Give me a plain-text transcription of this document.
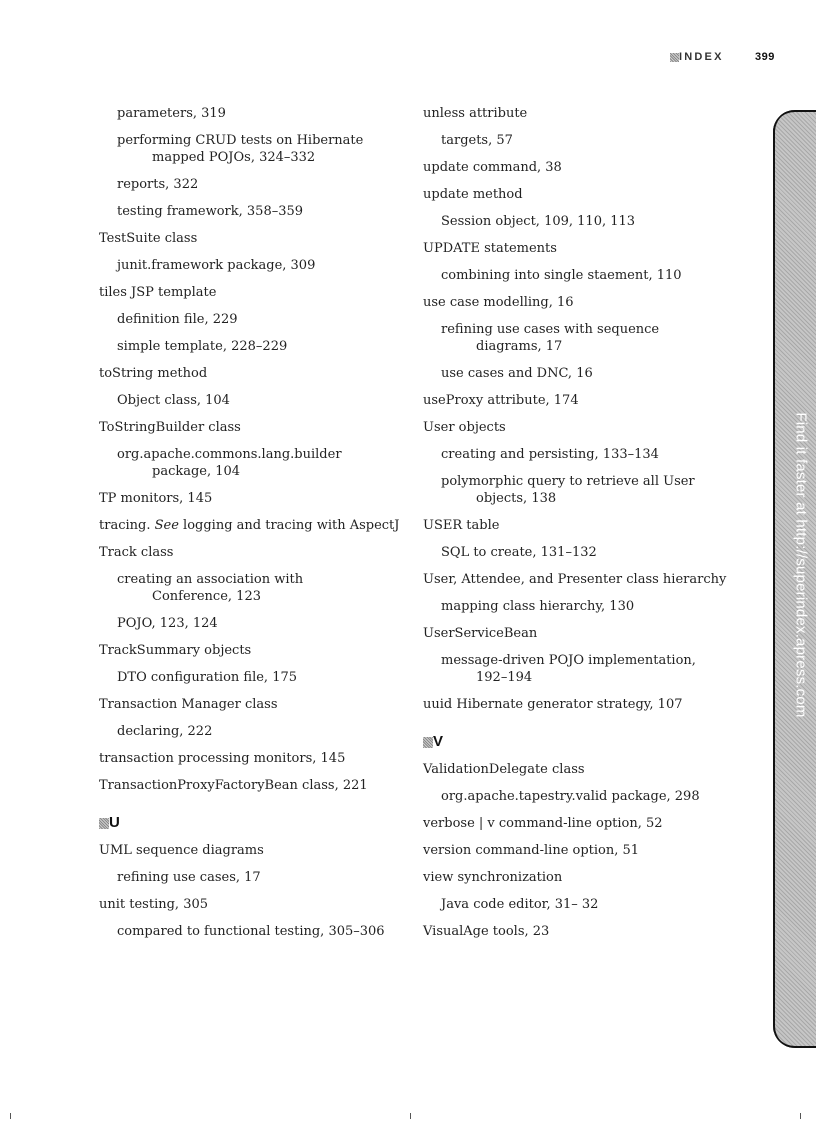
INDEX	399

parameters, 319

performing CRUD tests on Hibernate
mapped POJOs, 324–332

reports, 322

testing framework, 358–359

TestSuite class

junit.framework package, 309

tiles JSP template

definition file, 229

simple template, 228–229

toString method

Object class, 104

ToStringBuilder class

org.apache.commons.lang.builder
package, 104

TP monitors, 145

tracing. See logging and tracing with AspectJ

Track class

creating an association with
Conference, 123

POJO, 123, 124

TrackSummary objects

DTO configuration file, 175

Transaction Manager class

declaring, 222

transaction processing monitors, 145

TransactionProxyFactoryBean class, 221

U

UML sequence diagrams

refining use cases, 17

unit testing, 305

compared to functional testing, 305–306

unless attribute

targets, 57

update command, 38

update method

Session object, 109, 110, 113

UPDATE statements

combining into single staement, 110

use case modelling, 16

refining use cases with sequence
diagrams, 17

use cases and DNC, 16

useProxy attribute, 174

User objects

creating and persisting, 133–134

polymorphic query to retrieve all User
objects, 138

USER table

SQL to create, 131–132

User, Attendee, and Presenter class hierarchy

mapping class hierarchy, 130

UserServiceBean

message-driven POJO implementation,
192–194

uuid Hibernate generator strategy, 107

V

ValidationDelegate class

org.apache.tapestry.valid package, 298

verbose | v command-line option, 52

version command-line option, 51

view synchronization

Java code editor, 31– 32

VisualAge tools, 23

Find it faster at http://superindex.apress.com
